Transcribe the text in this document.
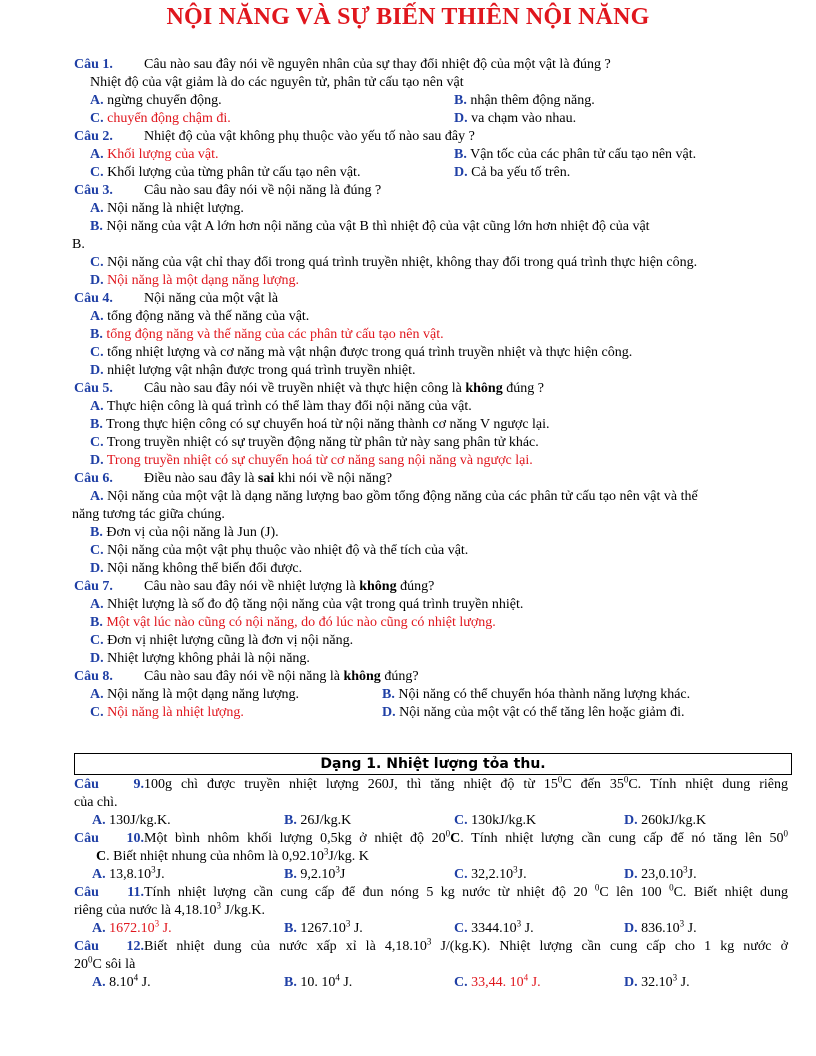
NỘI NĂNG VÀ SỰ BIẾN THIÊN NỘI NĂNG
Câu 1. Câu nào sau đây nói về nguyên nhân của sự thay đổi nhiệt độ của một vật là đúng ?
Nhiệt độ của vật giảm là do các nguyên tử, phân tử cấu tạo nên vật
A. ngừng chuyển động.	B. nhận thêm động năng.
C. chuyển động chậm đi.	D. va chạm vào nhau.
Câu 2. Nhiệt độ của vật không phụ thuộc vào yếu tố nào sau đây ?
A. Khối lượng của vật.	B. Vận tốc của các phân tử cấu tạo nên vật.
C. Khối lượng của từng phân tử cấu tạo nên vật.	D. Cả ba yếu tố trên.
Câu 3. Câu nào sau đây nói về nội năng là đúng ?
A. Nội năng là nhiệt lượng.
B. Nội năng của vật A lớn hơn nội năng của vật B thì nhiệt độ của vật cũng lớn hơn nhiệt độ của vật
B.
C. Nội năng của vật chỉ thay đổi trong quá trình truyền nhiệt, không thay đổi trong quá trình thực hiện công.
D. Nội năng là một dạng năng lượng.
Câu 4. Nội năng của một vật là
A. tổng động năng và thế năng của vật.
B. tổng động năng và thế năng của các phân tử cấu tạo nên vật.
C. tổng nhiệt lượng và cơ năng mà vật nhận được trong quá trình truyền nhiệt và thực hiện công.
D. nhiệt lượng vật nhận được trong quá trình truyền nhiệt.
Câu 5. Câu nào sau đây nói về truyền nhiệt và thực hiện công là không đúng ?
A. Thực hiện công là quá trình có thể làm thay đổi nội năng của vật.
B. Trong thực hiện công có sự chuyển hoá từ nội năng thành cơ năng V ngược lại.
C. Trong truyền nhiệt có sự truyền động năng từ phân tử này sang phân tử khác.
D. Trong truyền nhiệt có sự chuyển hoá từ cơ năng sang nội năng và ngược lại.
Câu 6. Điều nào sau đây là sai khi nói về nội năng?
A. Nội năng của một vật là dạng năng lượng bao gồm tổng động năng của các phân tử cấu tạo nên vật và thế
năng tương tác giữa chúng.
B. Đơn vị của nội năng là Jun (J).
C. Nội năng của một vật phụ thuộc vào nhiệt độ và thể tích của vật.
D. Nội năng không thể biến đổi được.
Câu 7. Câu nào sau đây nói về nhiệt lượng là không đúng?
A. Nhiệt lượng là số đo độ tăng nội năng của vật trong quá trình truyền nhiệt.
B. Một vật lúc nào cũng có nội năng, do đó lúc nào cũng có nhiệt lượng.
C. Đơn vị nhiệt lượng cũng là đơn vị nội năng.
D. Nhiệt lượng không phải là nội năng.
Câu 8. Câu nào sau đây nói về nội năng là không đúng?
A. Nội năng là một dạng năng lượng.	B. Nội năng có thể chuyển hóa thành năng lượng khác.
C. Nội năng là nhiệt lượng.	D. Nội năng của một vật có thể tăng lên hoặc giảm đi.
Dạng 1. Nhiệt lượng tỏa thu.
Câu 9.100g chì được truyền nhiệt lượng 260J, thì tăng nhiệt độ từ $15^0C$ đến $35^0C$. Tính nhiệt dung riêng
của chì.
A. 130J/kg.K.	B. 26J/kg.K	C. 130kJ/kg.K	D. 260kJ/kg.K
Câu 10.Một bình nhôm khối lượng 0,5kg ở nhiệt độ $20^0C$. Tính nhiệt lượng cần cung cấp để nó tăng lên $50^0$
C. Biết nhiệt nhung của nhôm là 0,92.10$^3$J/kg. K
A. 13,8.10$^3$J.	B. 9,2.10$^3$J	C. 32,2.10$^3$J.	D. 23,0.10$^3$J.
Câu 11.Tính nhiệt lượng cần cung cấp để đun nóng 5 kg nước từ nhiệt độ 20 $^0$C lên 100 $^0$C. Biết nhiệt dung
riêng của nước là 4,18.10$^3$ J/kg.K.
A. 1672.10$^3$ J.	B. 1267.10$^3$ J.	C. 3344.10$^3$ J.	D. 836.10$^3$ J.
Câu 12.Biết nhiệt dung của nước xấp xỉ là 4,18.10$^3$ J/(kg.K). Nhiệt lượng cần cung cấp cho 1 kg nước ở
$20^0C$ sôi là
A. 8.10$^4$ J.	B. 10. $10^4$ J.	C. 33,44. $10^4$ J.	D. 32.10$^3$ J.
